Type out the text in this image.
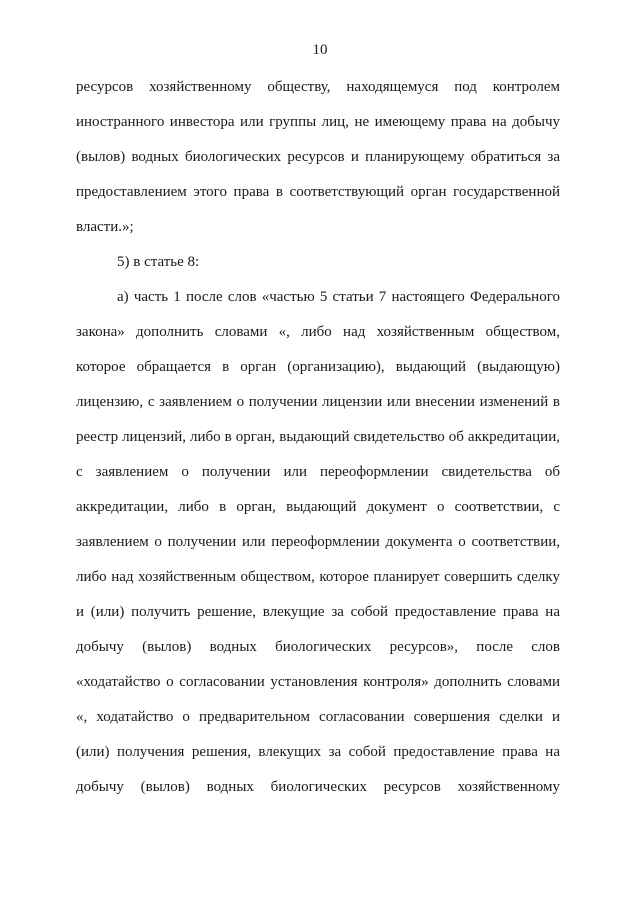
10
ресурсов хозяйственному обществу, находящемуся под контролем
иностранного инвестора или группы лиц, не имеющему права на добычу
(вылов) водных биологических ресурсов и планирующему обратиться за
предоставлением этого права в соответствующий орган государственной
власти.»;
5) в статье 8:
а) часть 1 после слов «частью 5 статьи 7 настоящего Федерального
закона» дополнить словами «, либо над хозяйственным обществом,
которое обращается в орган (организацию), выдающий (выдающую)
лицензию, с заявлением о получении лицензии или внесении изменений в
реестр лицензий, либо в орган, выдающий свидетельство об аккредитации,
с заявлением о получении или переоформлении свидетельства об
аккредитации, либо в орган, выдающий документ о соответствии, с
заявлением о получении или переоформлении документа о соответствии,
либо над хозяйственным обществом, которое планирует совершить сделку
и (или) получить решение, влекущие за собой предоставление права на
добычу (вылов) водных биологических ресурсов», после слов
«ходатайство о согласовании установления контроля» дополнить словами
«, ходатайство о предварительном согласовании совершения сделки и
(или) получения решения, влекущих за собой предоставление права на
добычу (вылов) водных биологических ресурсов хозяйственному
